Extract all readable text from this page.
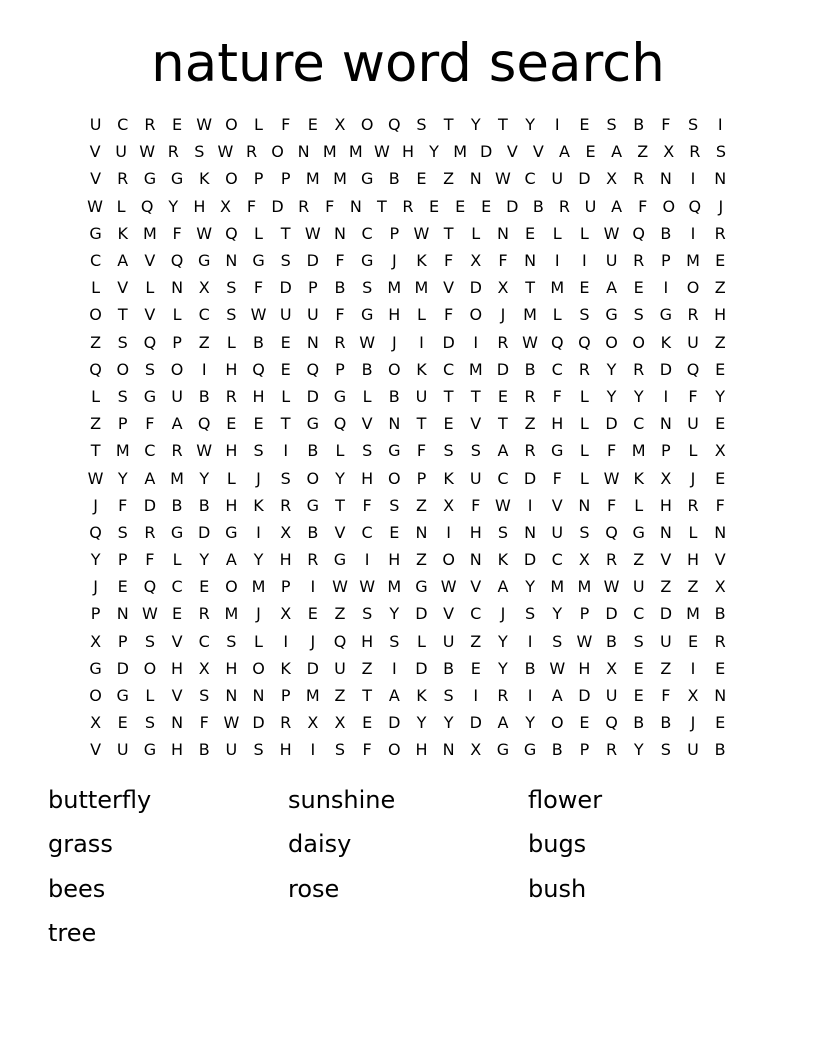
nature word search
U C	R	E W O	L	F	E	X O Q S	T	Y	T	Y	I	E	S	B	F	S	I
V U W R S W R O N M M W H Y M D V V A E A Z X R S
V	R G G K O	P	P M M G B	E	Z N W C U D X	R N	I	N
W L Q Y H X	F D R F N T R E E E D B R U A	F O Q	J
G K M F W Q	L	T W N C	P W T	L	N	E	L	L W Q B	I	R
C	A	V Q G N G S D	F	G	J	K	F	X	F	N	I	I	U R	P M E
L	V	L	N X	S	F	D	P	B	S M M V D X	T M E	A	E	I	O Z
O T	V	L	C	S W U U	F	G H	L	F	O	J	M L	S G S G R H
Z	S Q	P	Z	L	B	E	N R W	J	I	D	I	R W Q Q O O K	U Z
Q O S O	I	H Q E Q	P	B O K	C M D B	C	R	Y	R D Q E
L	S G U B	R H	L	D G	L	B U	T	T	E	R	F	L	Y	Y	I	F	Y
Z	P	F	A Q E	E	T	G Q V N	T	E	V	T	Z H	L	D C N U	E
T M C	R W H	S	I	B	L	S G	F	S	S	A	R G	L	F M P	L	X
W Y	A M Y	L	J	S O Y	H O	P	K	U C D	F	L W K	X	J	E
J	F	D B	B H K	R G	T	F	S	Z	X	F W	I	V N	F	L	H R	F
Q S	R G D G	I	X	B	V	C	E	N	I	H	S	N U	S Q G N	L	N
Y	P	F	L	Y	A	Y	H R G	I	H Z O N K D C	X	R	Z	V H V
J	E Q C	E O M P	I	W W M G W V	A	Y M M W U Z	Z	X
P	N W E	R M	J	X	E	Z	S	Y	D V	C	J	S	Y	P	D C D M B
X	P	S	V	C	S	L	I	J	Q H	S	L	U Z	Y	I	S W B	S	U	E	R
G D O H X H O K D U Z	I	D B	E	Y	B W H X	E	Z	I	E
O G	L	V	S	N N	P M Z	T	A	K	S	I	R	I	A D U	E	F	X N
X	E	S	N	F W D R	X	X	E D	Y	Y	D A	Y O E Q B	B	J	E
V U G H B U	S	H	I	S	F	O H N X G G B	P	R	Y	S	U B
butterfly	sunshine	flower
grass	daisy	bugs
bees	rose	bush
tree
